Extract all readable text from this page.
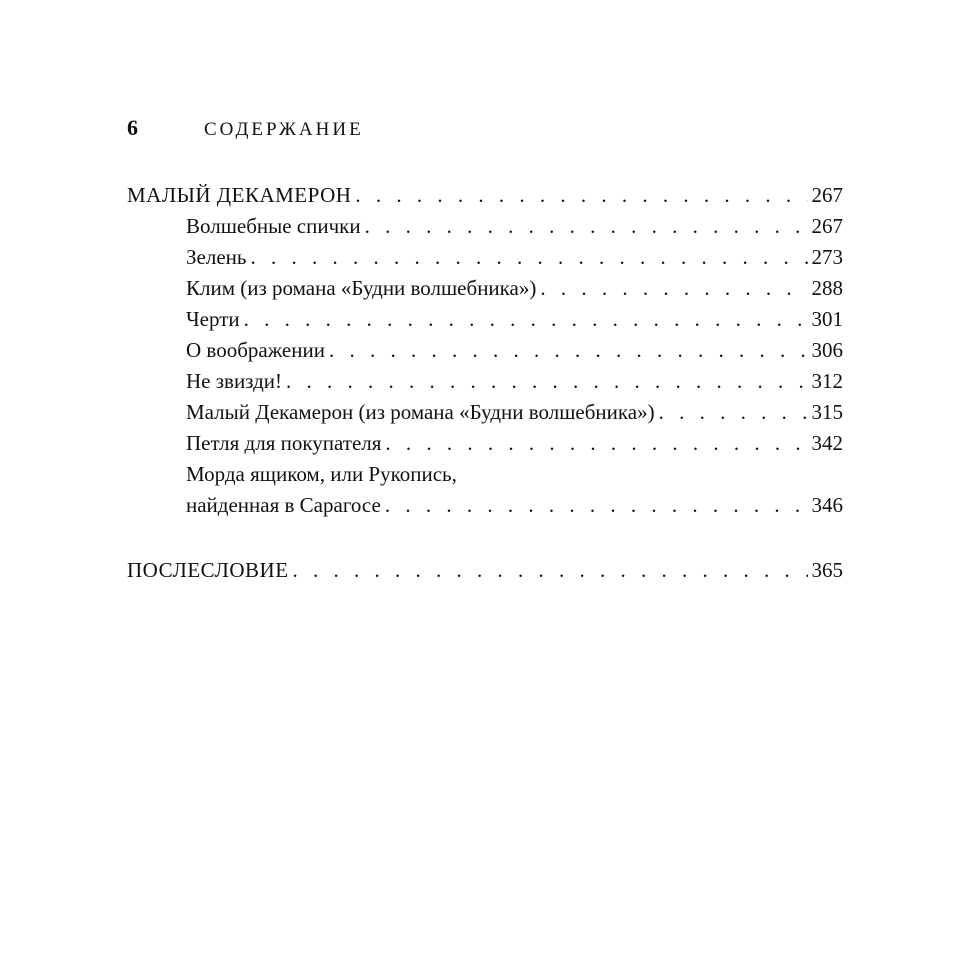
6	СОДЕРЖАНИЕ
МАЛЫЙ ДЕКАМЕРОН . . .	267
Волшебные спички . . .	267
Зелень . . .	273
Клим (из романа «Будни волшебника») . . .	288
Черти . . .	301
О воображении . . .	306
Не звизди! . . .	312
Малый Декамерон (из романа «Будни волшебника») . . .	315
Петля для покупателя . . .	342
Морда ящиком, или Рукопись,
найденная в Сарагосе . . .	346
ПОСЛЕСЛОВИЕ . . .	365
